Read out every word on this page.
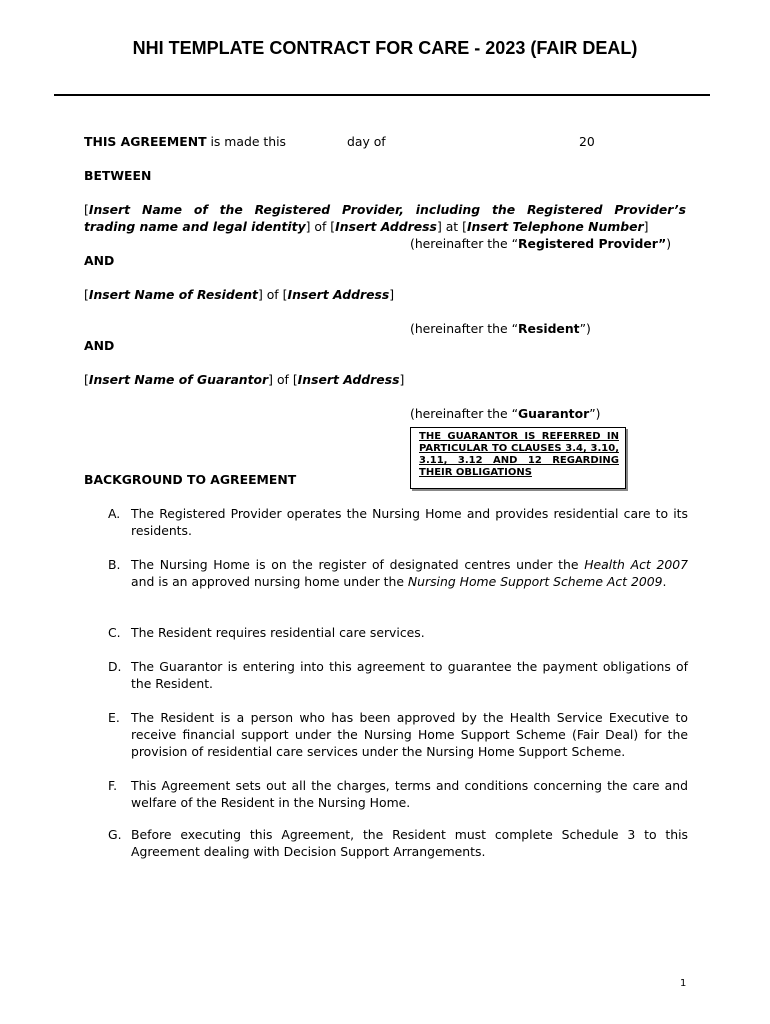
NHI TEMPLATE CONTRACT FOR CARE - 2023 (FAIR DEAL)
THIS AGREEMENT is made this	day of	20
BETWEEN
[Insert Name of the Registered Provider, including the Registered Provider’s
trading name and legal identity] of [Insert Address] at [Insert Telephone Number]
(hereinafter the “Registered Provider”)
AND
[Insert Name of Resident] of [Insert Address]
(hereinafter the “Resident”)
AND
[Insert Name of Guarantor] of [Insert Address]
(hereinafter the “Guarantor”)
THE GUARANTOR IS REFERRED IN PARTICULAR TO CLAUSES 3.4, 3.10, 3.11, 3.12 AND 12 REGARDING THEIR OBLIGATIONS
BACKGROUND TO AGREEMENT
A. The Registered Provider operates the Nursing Home and provides residential care to its residents.
B. The Nursing Home is on the register of designated centres under the Health Act 2007 and is an approved nursing home under the Nursing Home Support Scheme Act 2009.
C. The Resident requires residential care services.
D. The Guarantor is entering into this agreement to guarantee the payment obligations of the Resident.
E. The Resident is a person who has been approved by the Health Service Executive to receive financial support under the Nursing Home Support Scheme (Fair Deal) for the provision of residential care services under the Nursing Home Support Scheme.
F. This Agreement sets out all the charges, terms and conditions concerning the care and welfare of the Resident in the Nursing Home.
G. Before executing this Agreement, the Resident must complete Schedule 3 to this Agreement dealing with Decision Support Arrangements.
1
